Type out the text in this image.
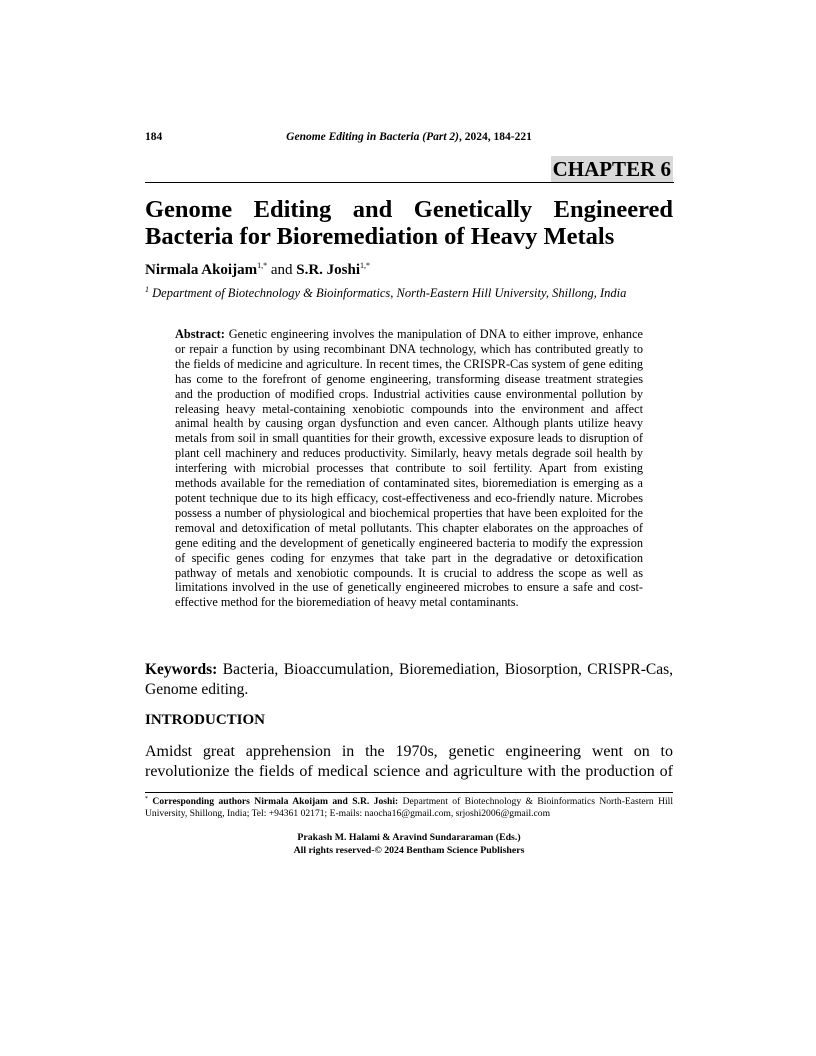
184	Genome Editing in Bacteria (Part 2), 2024, 184-221
CHAPTER 6
Genome Editing and Genetically Engineered
Bacteria for Bioremediation of Heavy Metals
Nirmala Akoijam$^{1,*}$ and S.R. Joshi$^{1,*}$
$^1$ Department of Biotechnology & Bioinformatics, North-Eastern Hill University, Shillong, India
Abstract: Genetic engineering involves the manipulation of DNA to either improve, enhance or repair a function by using recombinant DNA technology, which has contributed greatly to the fields of medicine and agriculture. In recent times, the CRISPR-Cas system of gene editing has come to the forefront of genome engineering, transforming disease treatment strategies and the production of modified crops. Industrial activities cause environmental pollution by releasing heavy metal-containing xenobiotic compounds into the environment and affect animal health by causing organ dysfunction and even cancer. Although plants utilize heavy metals from soil in small quantities for their growth, excessive exposure leads to disruption of plant cell machinery and reduces productivity. Similarly, heavy metals degrade soil health by interfering with microbial processes that contribute to soil fertility. Apart from existing methods available for the remediation of contaminated sites, bioremediation is emerging as a potent technique due to its high efficacy, cost-effectiveness and eco-friendly nature. Microbes possess a number of physiological and biochemical properties that have been exploited for the removal and detoxification of metal pollutants. This chapter elaborates on the approaches of gene editing and the development of genetically engineered bacteria to modify the expression of specific genes coding for enzymes that take part in the degradative or detoxification pathway of metals and xenobiotic compounds. It is crucial to address the scope as well as limitations involved in the use of genetically engineered microbes to ensure a safe and cost-effective method for the bioremediation of heavy metal contaminants.
Keywords: Bacteria, Bioaccumulation, Bioremediation, Biosorption, CRISPR-Cas, Genome editing.
INTRODUCTION
Amidst great apprehension in the 1970s, genetic engineering went on to revolutionize the fields of medical science and agriculture with the production of
* Corresponding authors Nirmala Akoijam and S.R. Joshi: Department of Biotechnology & Bioinformatics North-Eastern Hill University, Shillong, India; Tel: +94361 02171; E-mails: naocha16@gmail.com, srjoshi2006@gmail.com
Prakash M. Halami & Aravind Sundararaman (Eds.)
All rights reserved-© 2024 Bentham Science Publishers
